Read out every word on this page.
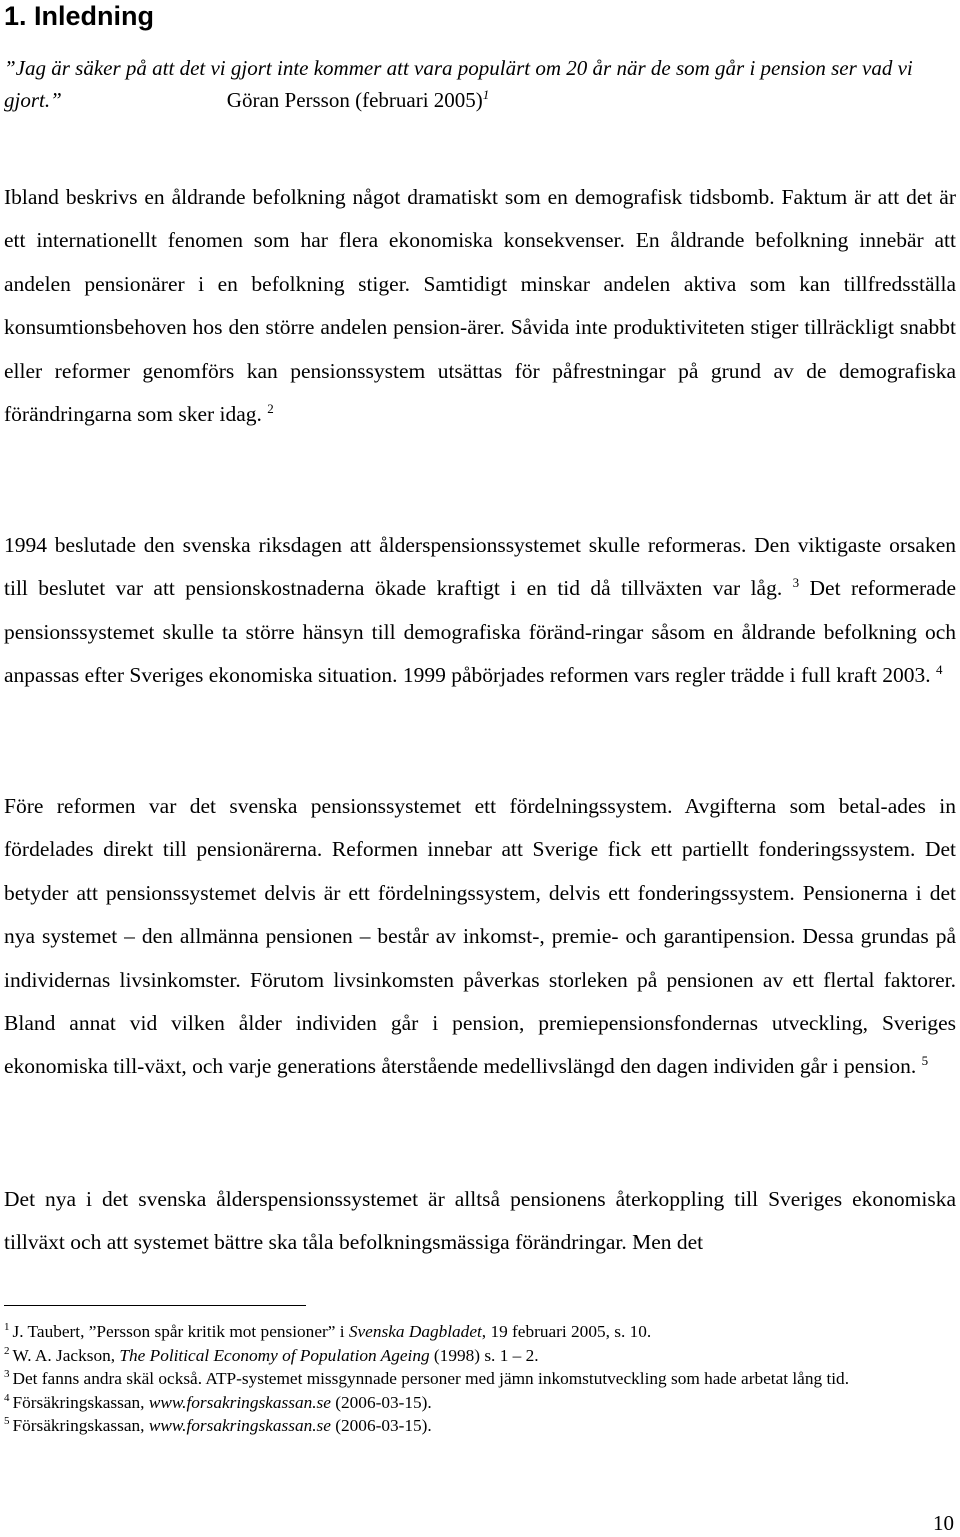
1. Inledning

”Jag är säker på att det vi gjort inte kommer att vara populärt om 20 år när de som går i pension ser vad vi gjort.”	Göran Persson (februari 2005)$^1$

Ibland beskrivs en åldrande befolkning något dramatiskt som en demografisk tidsbomb. Faktum är att det är ett internationellt fenomen som har flera ekonomiska konsekvenser. En åldrande befolkning innebär att andelen pensionärer i en befolkning stiger. Samtidigt minskar andelen aktiva som kan tillfredsställa konsumtionsbehoven hos den större andelen pension-ärer. Såvida inte produktiviteten stiger tillräckligt snabbt eller reformer genomförs kan pensionssystem utsättas för påfrestningar på grund av de demografiska förändringarna som sker idag. $^2$

1994 beslutade den svenska riksdagen att ålderspensionssystemet skulle reformeras. Den viktigaste orsaken till beslutet var att pensionskostnaderna ökade kraftigt i en tid då tillväxten var låg. $^3$ Det reformerade pensionssystemet skulle ta större hänsyn till demografiska föränd-ringar såsom en åldrande befolkning och anpassas efter Sveriges ekonomiska situation. 1999 påbörjades reformen vars regler trädde i full kraft 2003. $^4$

Före reformen var det svenska pensionssystemet ett fördelningssystem. Avgifterna som betal-ades in fördelades direkt till pensionärerna. Reformen innebar att Sverige fick ett partiellt fonderingssystem. Det betyder att pensionssystemet delvis är ett fördelningssystem, delvis ett fonderingssystem. Pensionerna i det nya systemet – den allmänna pensionen – består av inkomst-, premie- och garantipension. Dessa grundas på individernas livsinkomster. Förutom livsinkomsten påverkas storleken på pensionen av ett flertal faktorer. Bland annat vid vilken ålder individen går i pension, premiepensionsfondernas utveckling, Sveriges ekonomiska till-växt, och varje generations återstående medellivslängd den dagen individen går i pension. $^5$

Det nya i det svenska ålderspensionssystemet är alltså pensionens återkoppling till Sveriges ekonomiska tillväxt och att systemet bättre ska tåla befolkningsmässiga förändringar. Men det

$^1$ J. Taubert, ”Persson spår kritik mot pensioner” i Svenska Dagbladet, 19 februari 2005, s. 10.
$^2$ W. A. Jackson, The Political Economy of Population Ageing (1998) s. 1 – 2.
$^3$ Det fanns andra skäl också. ATP-systemet missgynnade personer med jämn inkomstutveckling som hade arbetat lång tid.
$^4$ Försäkringskassan, www.forsakringskassan.se (2006-03-15).
$^5$ Försäkringskassan, www.forsakringskassan.se (2006-03-15).
10
